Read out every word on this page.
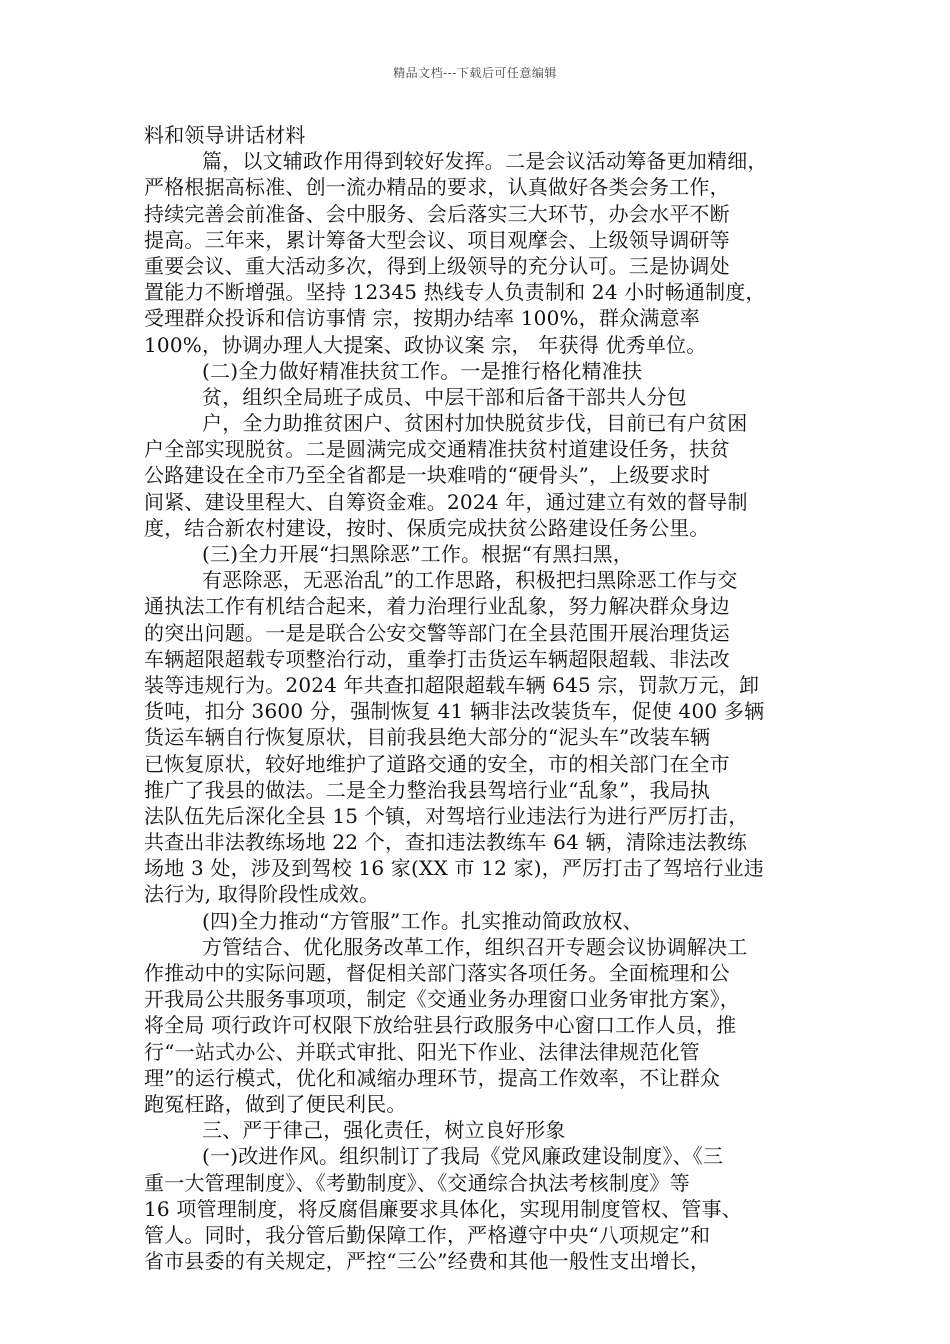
精品文档---下载后可任意编辑
料和领导讲话材料
篇，以文辅政作用得到较好发挥。二是会议活动筹备更加精细，
严格根据高标准、创一流办精品的要求，认真做好各类会务工作，
持续完善会前准备、会中服务、会后落实三大环节，办会水平不断
提高。三年来，累计筹备大型会议、项目观摩会、上级领导调研等
重要会议、重大活动多次，得到上级领导的充分认可。三是协调处
置能力不断增强。坚持 12345 热线专人负责制和 24 小时畅通制度，
受理群众投诉和信访事情 宗，按期办结率 100%，群众满意率
100%，协调办理人大提案、政协议案 宗， 年获得 优秀单位。
(二)全力做好精准扶贫工作。一是推行格化精准扶
贫，组织全局班子成员、中层干部和后备干部共人分包
户，全力助推贫困户、贫困村加快脱贫步伐，目前已有户贫困
户全部实现脱贫。二是圆满完成交通精准扶贫村道建设任务，扶贫
公路建设在全市乃至全省都是一块难啃的“硬骨头”，上级要求时
间紧、建设里程大、自筹资金难。2024 年，通过建立有效的督导制
度，结合新农村建设，按时、保质完成扶贫公路建设任务公里。
(三)全力开展“扫黑除恶”工作。根据“有黑扫黑，
有恶除恶，无恶治乱”的工作思路，积极把扫黑除恶工作与交
通执法工作有机结合起来，着力治理行业乱象，努力解决群众身边
的突出问题。一是是联合公安交警等部门在全县范围开展治理货运
车辆超限超载专项整治行动，重拳打击货运车辆超限超载、非法改
装等违规行为。2024 年共查扣超限超载车辆 645 宗，罚款万元，卸
货吨，扣分 3600 分，强制恢复 41 辆非法改装货车，促使 400 多辆
货运车辆自行恢复原状，目前我县绝大部分的“泥头车”改装车辆
已恢复原状，较好地维护了道路交通的安全，市的相关部门在全市
推广了我县的做法。二是全力整治我县驾培行业“乱象”，我局执
法队伍先后深化全县 15 个镇，对驾培行业违法行为进行严厉打击，
共查出非法教练场地 22 个，查扣违法教练车 64 辆，清除违法教练
场地 3 处，涉及到驾校 16 家(XX 市 12 家)，严厉打击了驾培行业违
法行为, 取得阶段性成效。
(四)全力推动“方管服”工作。扎实推动简政放权、
方管结合、优化服务改革工作，组织召开专题会议协调解决工
作推动中的实际问题，督促相关部门落实各项任务。全面梳理和公
开我局公共服务事项项，制定《交通业务办理窗口业务审批方案》，
将全局 项行政许可权限下放给驻县行政服务中心窗口工作人员，推
行“一站式办公、并联式审批、阳光下作业、法律法律规范化管
理”的运行模式，优化和减缩办理环节，提高工作效率，不让群众
跑冤枉路，做到了便民利民。
三、严于律己，强化责任，树立良好形象
(一)改进作风。组织制订了我局《党风廉政建设制度》、《三
重一大管理制度》、《考勤制度》、《交通综合执法考核制度》等
16 项管理制度，将反腐倡廉要求具体化，实现用制度管权、管事、
管人。同时，我分管后勤保障工作，严格遵守中央“八项规定”和
省市县委的有关规定，严控“三公”经费和其他一般性支出增长，
